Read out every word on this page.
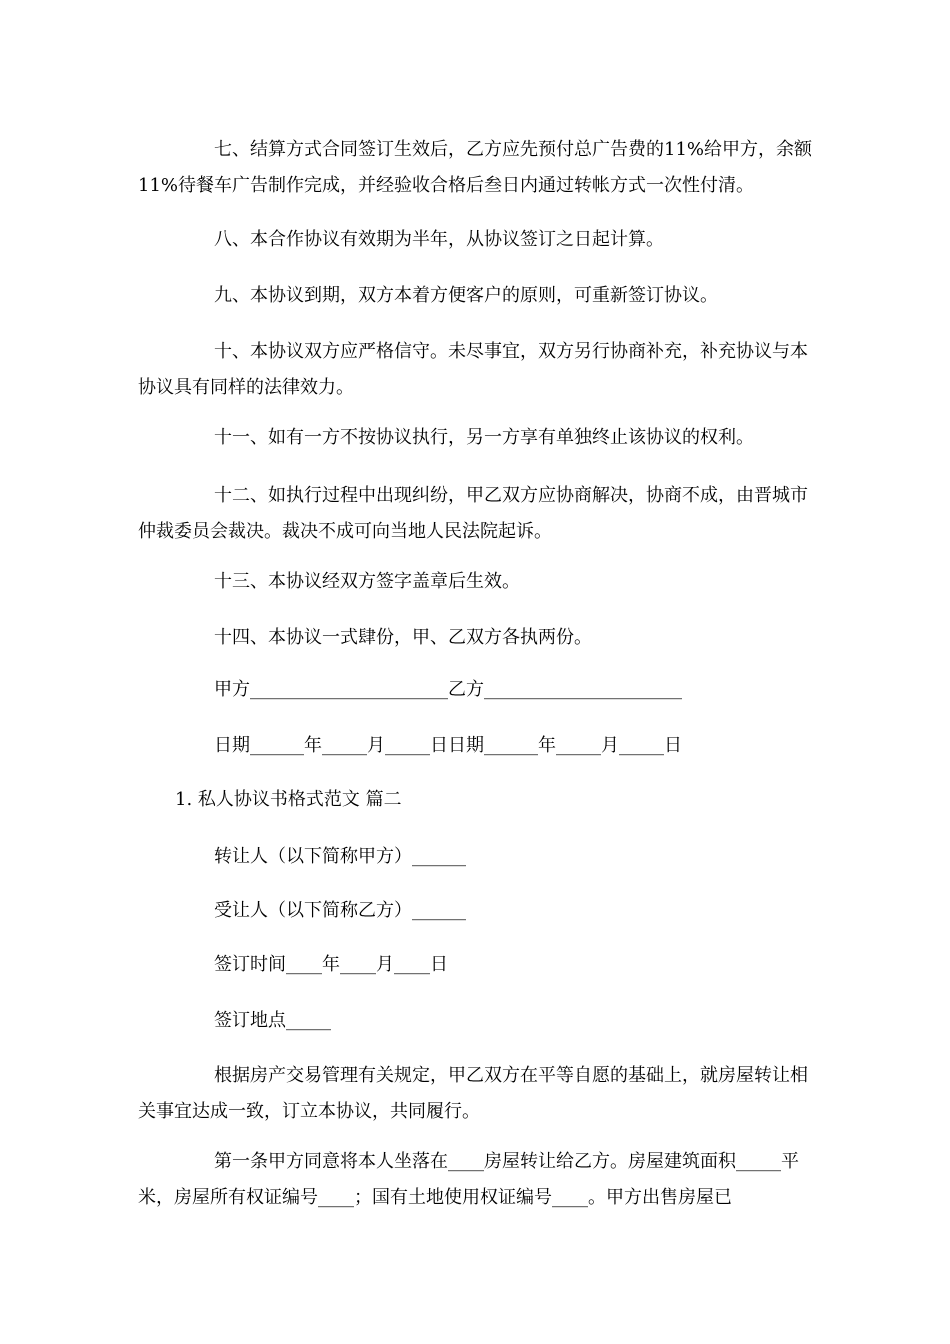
七、结算方式合同签订生效后，乙方应先预付总广告费的11%给甲方，余额11%待餐车广告制作完成，并经验收合格后叁日内通过转帐方式一次性付清。

八、本合作协议有效期为半年，从协议签订之日起计算。

九、本协议到期，双方本着方便客户的原则，可重新签订协议。

十、本协议双方应严格信守。未尽事宜，双方另行协商补充，补充协议与本协议具有同样的法律效力。

十一、如有一方不按协议执行，另一方享有单独终止该协议的权利。

十二、如执行过程中出现纠纷，甲乙双方应协商解决，协商不成，由晋城市仲裁委员会裁决。裁决不成可向当地人民法院起诉。

十三、本协议经双方签字盖章后生效。

十四、本协议一式肆份，甲、乙双方各执两份。

甲方______________________乙方______________________

日期______年_____月_____日日期______年_____月_____日

1. 私人协议书格式范文 篇二

转让人（以下简称甲方）______

受让人（以下简称乙方）______

签订时间____年____月____日

签订地点_____

根据房产交易管理有关规定，甲乙双方在平等自愿的基础上，就房屋转让相关事宜达成一致，订立本协议，共同履行。

第一条甲方同意将本人坐落在____房屋转让给乙方。房屋建筑面积_____平米，房屋所有权证编号____；国有土地使用权证编号____。甲方出售房屋已
